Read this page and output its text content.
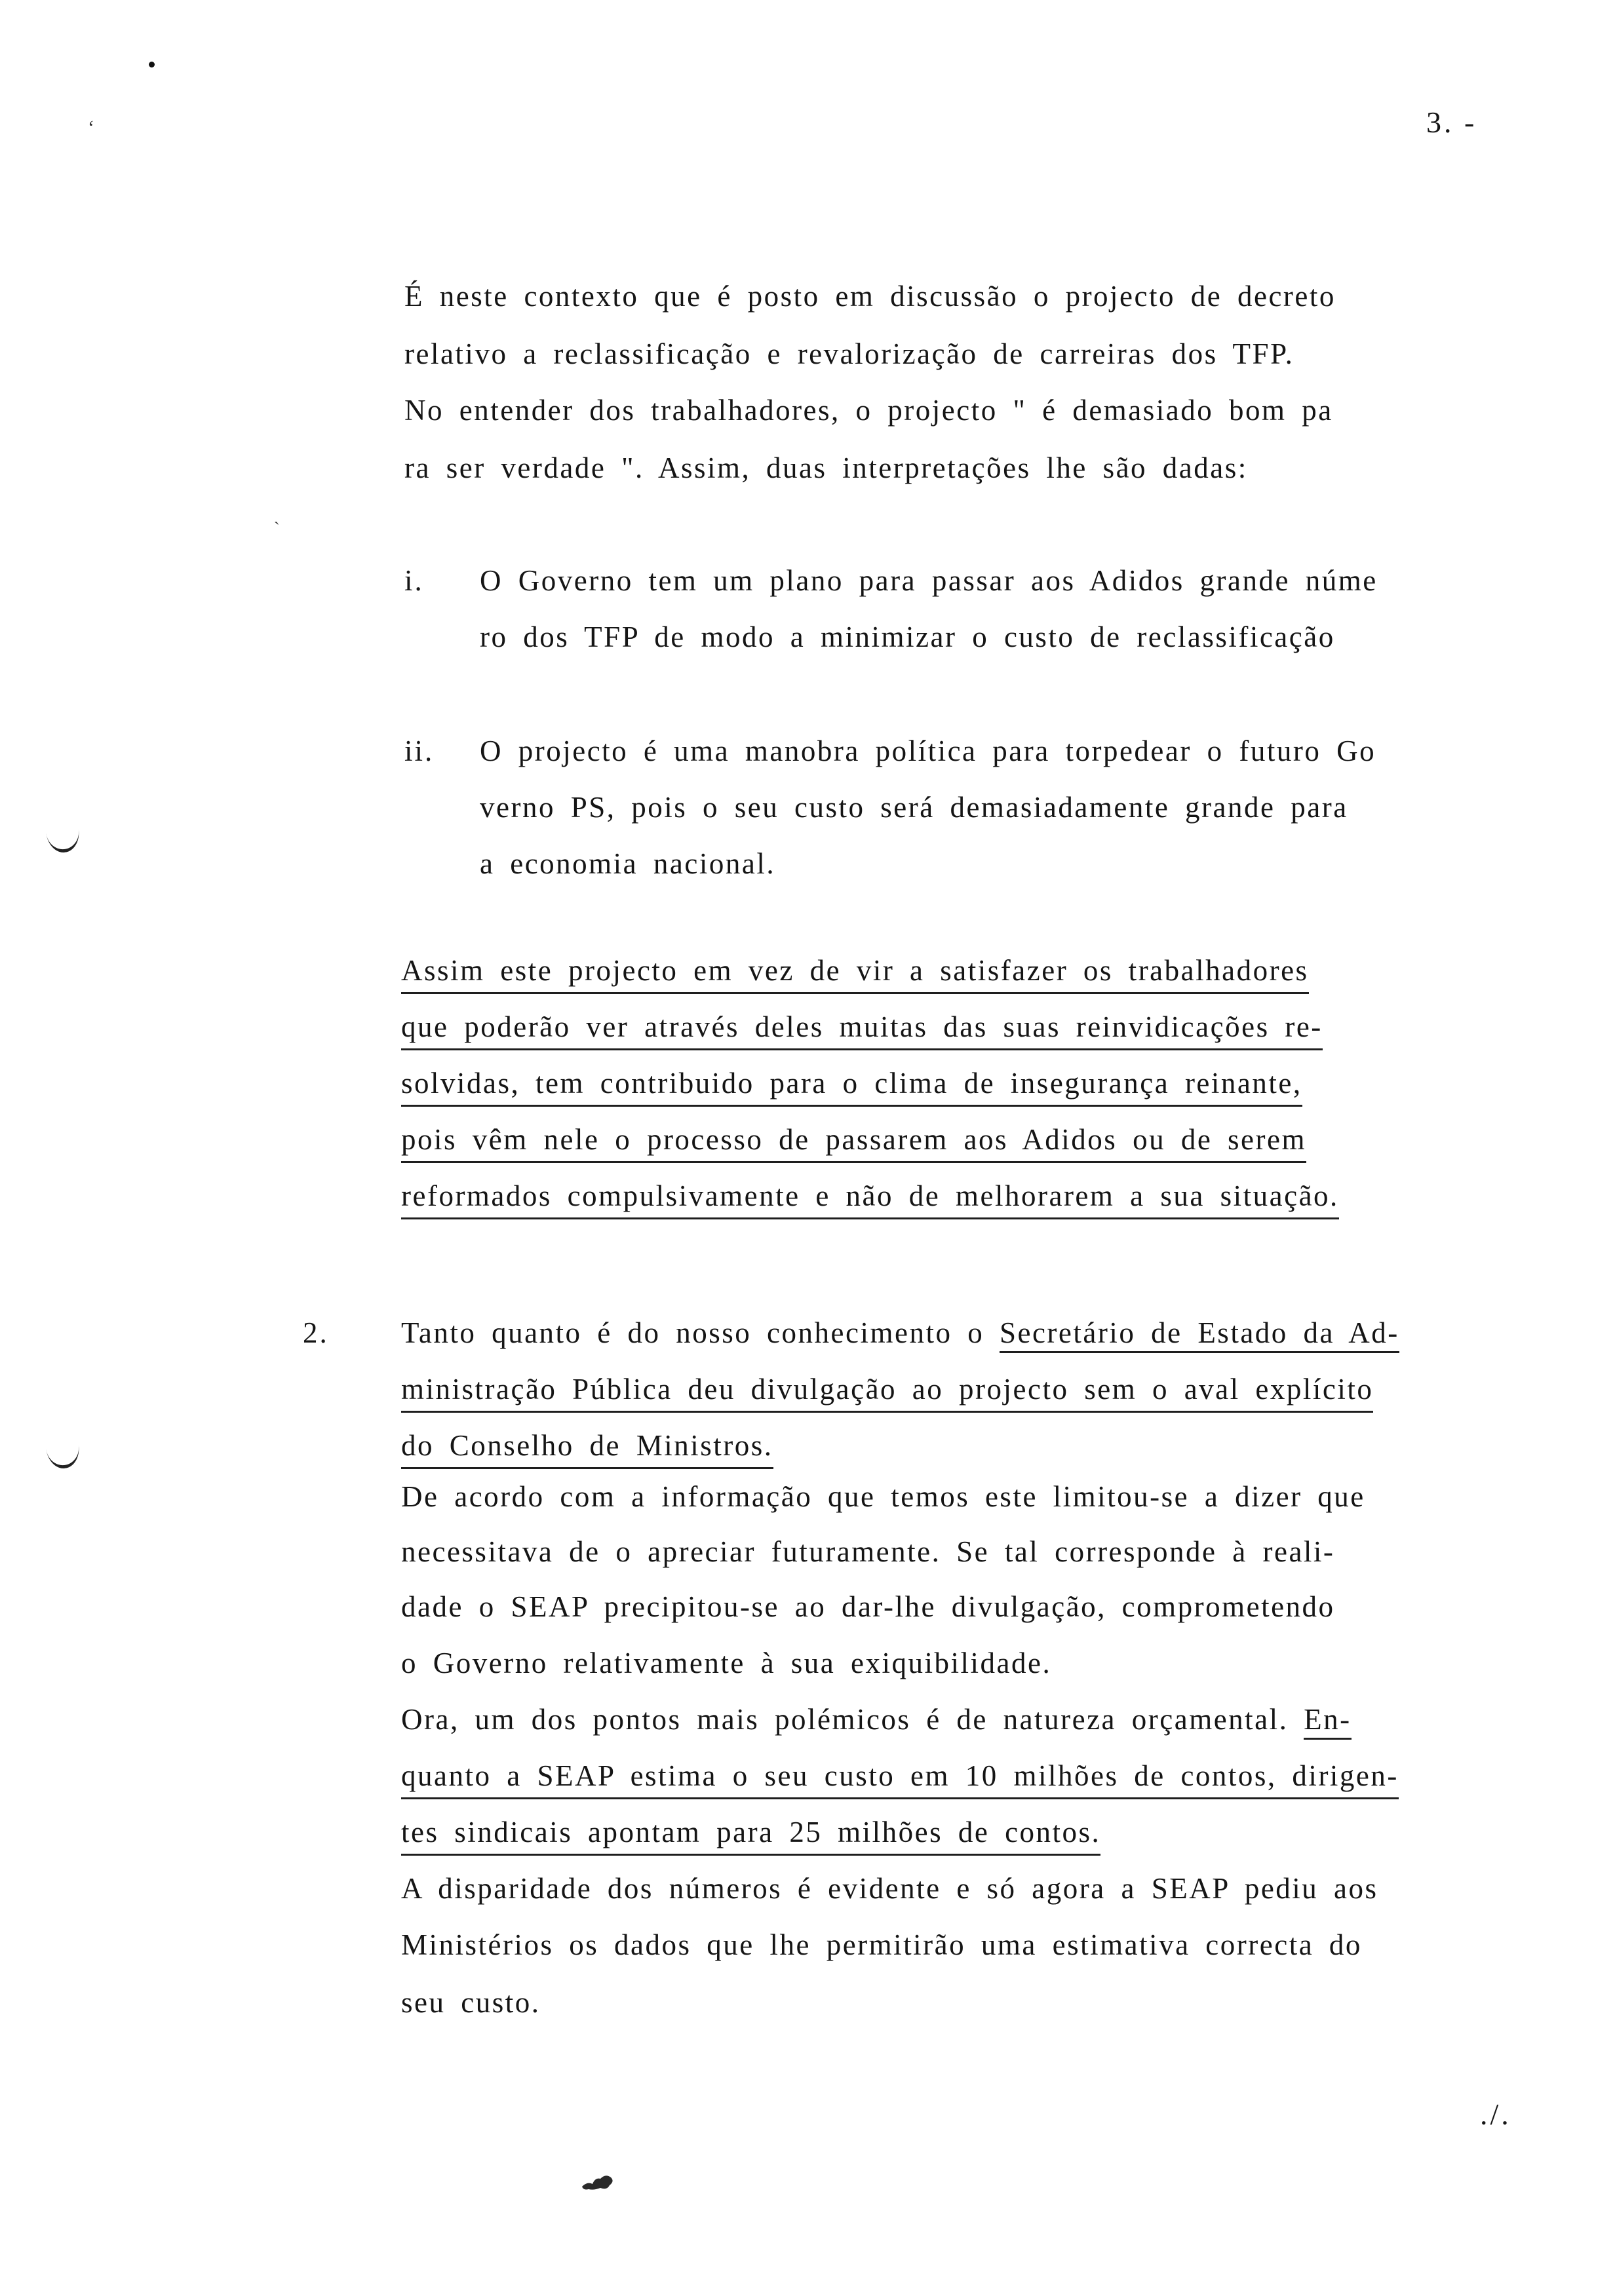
ʻ
ˎ
3. -
É neste contexto que é posto em discussão o projecto de decreto
relativo a reclassificação e revalorização de carreiras dos TFP.
No entender dos trabalhadores, o projecto " é demasiado bom pa
ra ser verdade ". Assim, duas interpretações lhe são dadas:
i. O Governo tem um plano para passar aos Adidos grande núme
ro dos TFP de modo a minimizar o custo de reclassificação
ii. O projecto é uma manobra política para torpedear o futuro Go
verno PS, pois o seu custo será demasiadamente grande para
a economia nacional.
Assim este projecto em vez de vir a satisfazer os trabalhadores
que poderão ver através deles muitas das suas reinvidicações re-
solvidas, tem contribuido para o clima de insegurança reinante,
pois vêm nele o processo de passarem aos Adidos ou de serem
reformados compulsivamente e não de melhorarem a sua situação.
2. Tanto quanto é do nosso conhecimento o Secretário de Estado da Ad-
ministração Pública deu divulgação ao projecto sem o aval explícito
do Conselho de Ministros.
De acordo com a informação que temos este limitou-se a dizer que
necessitava de o apreciar futuramente. Se tal corresponde à reali-
dade o SEAP precipitou-se ao dar-lhe divulgação, comprometendo
o Governo relativamente à sua exiquibilidade.
Ora, um dos pontos mais polémicos é de natureza orçamental. En-
quanto a SEAP estima o seu custo em 10 milhões de contos, dirigen-
tes sindicais apontam para 25 milhões de contos.
A disparidade dos números é evidente e só agora a SEAP pediu aos
Ministérios os dados que lhe permitirão uma estimativa correcta do
seu custo.
./.
